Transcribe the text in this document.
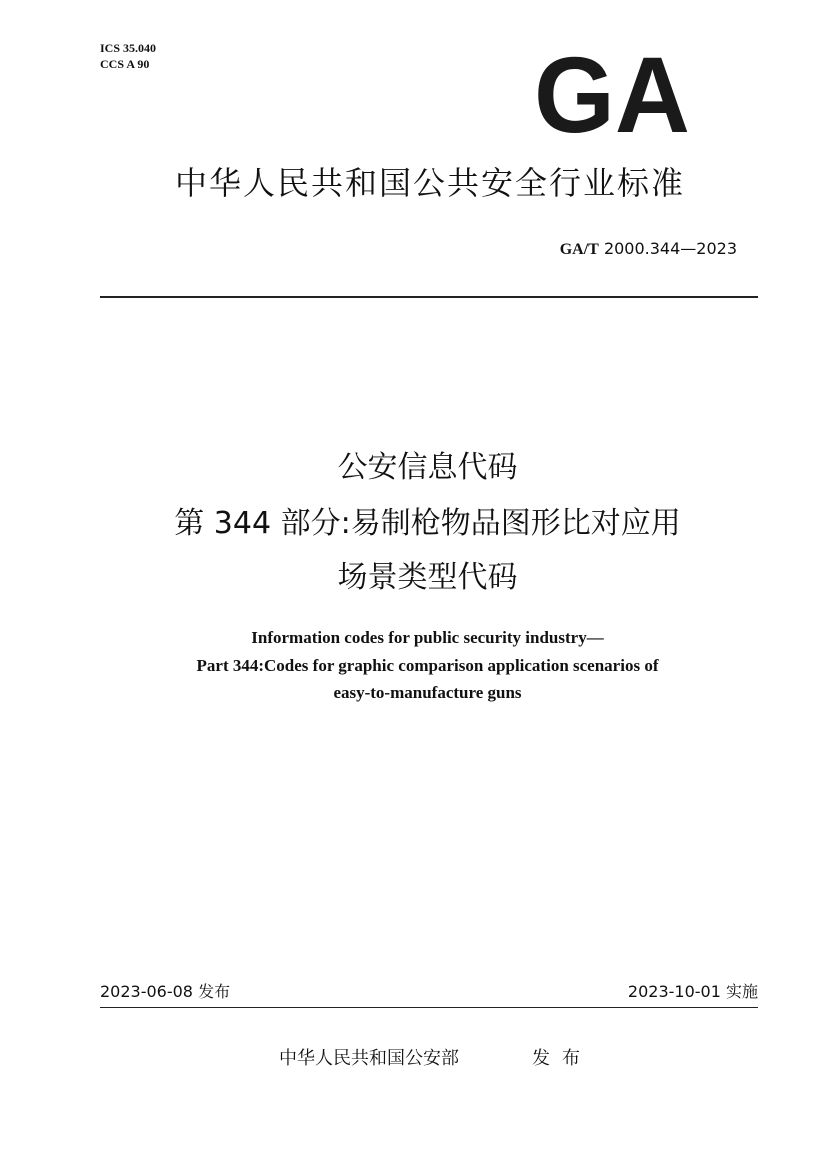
ICS 35.040
CCS A 90	GA
中华人民共和国公共安全行业标准
GA/T 2000.344—2023
公安信息代码
第 344 部分:易制枪物品图形比对应用
场景类型代码
Information codes for public security industry—
Part 344:Codes for graphic comparison application scenarios of
easy-to-manufacture guns
2023-06-08 发布	2023-10-01 实施
中华人民共和国公安部	发布
